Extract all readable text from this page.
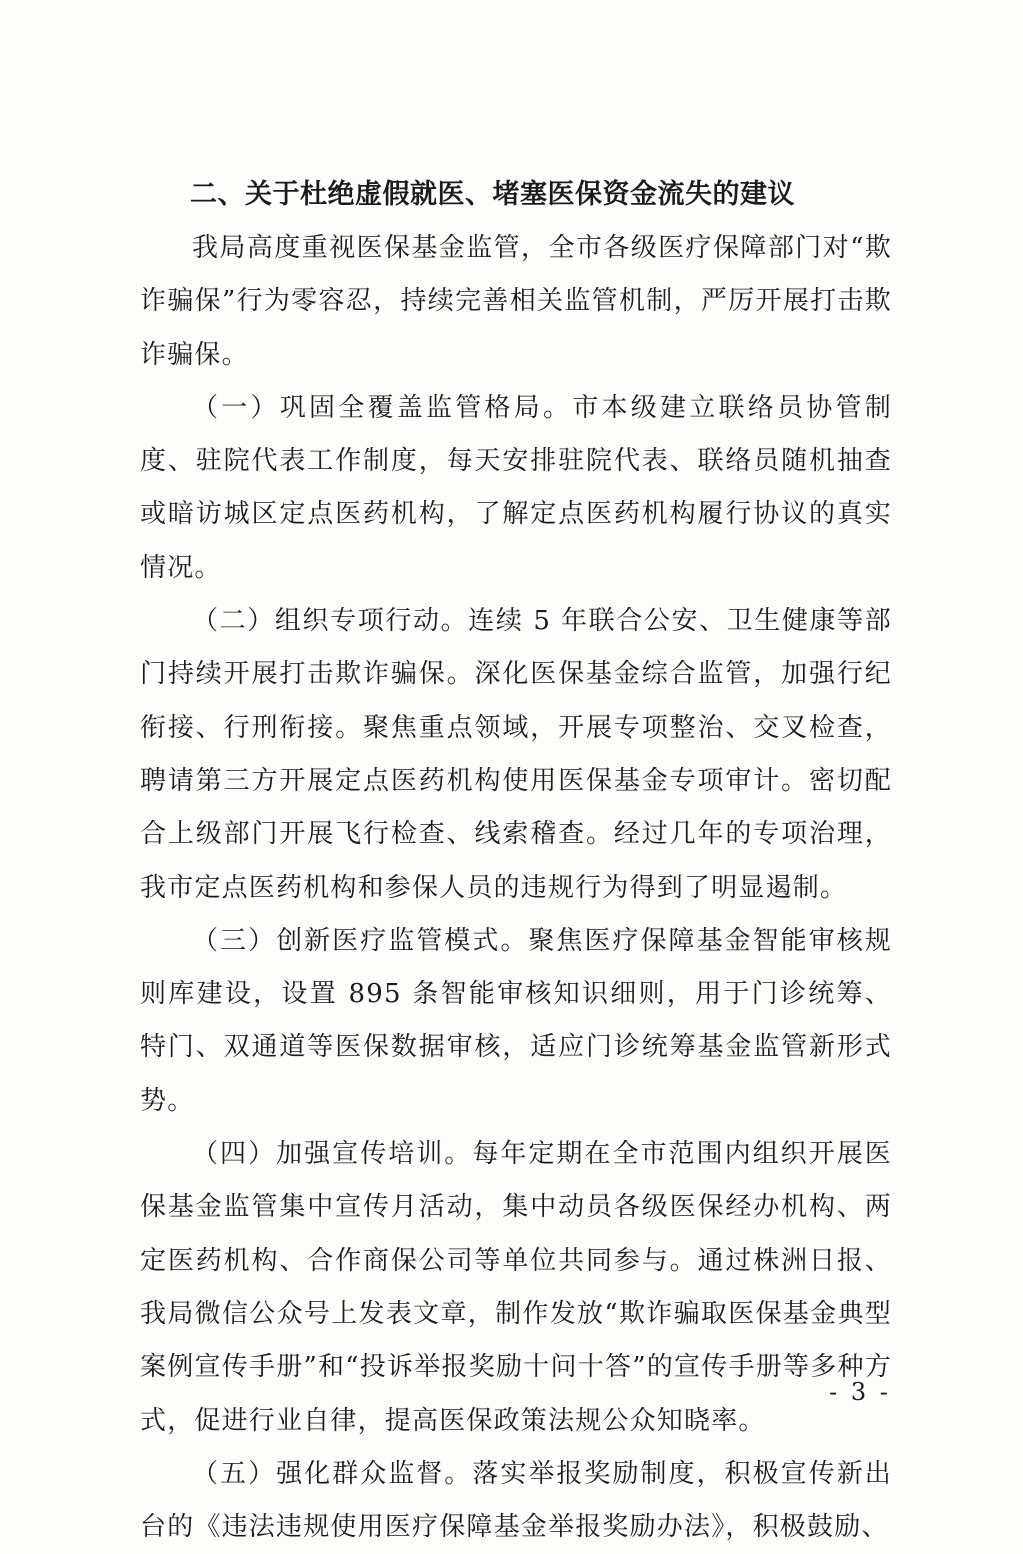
二、关于杜绝虚假就医、堵塞医保资金流失的建议

我局高度重视医保基金监管，全市各级医疗保障部门对“欺诈骗保”行为零容忍，持续完善相关监管机制，严厉开展打击欺诈骗保。

（一）巩固全覆盖监管格局。市本级建立联络员协管制度、驻院代表工作制度，每天安排驻院代表、联络员随机抽查或暗访城区定点医药机构，了解定点医药机构履行协议的真实情况。

（二）组织专项行动。连续 5 年联合公安、卫生健康等部门持续开展打击欺诈骗保。深化医保基金综合监管，加强行纪衔接、行刑衔接。聚焦重点领域，开展专项整治、交叉检查，聘请第三方开展定点医药机构使用医保基金专项审计。密切配合上级部门开展飞行检查、线索稽查。经过几年的专项治理，我市定点医药机构和参保人员的违规行为得到了明显遏制。

（三）创新医疗监管模式。聚焦医疗保障基金智能审核规则库建设，设置 895 条智能审核知识细则，用于门诊统筹、特门、双通道等医保数据审核，适应门诊统筹基金监管新形式势。

（四）加强宣传培训。每年定期在全市范围内组织开展医保基金监管集中宣传月活动，集中动员各级医保经办机构、两定医药机构、合作商保公司等单位共同参与。通过株洲日报、我局微信公众号上发表文章，制作发放“欺诈骗取医保基金典型案例宣传手册”和“投诉举报奖励十问十答”的宣传手册等多种方式，促进行业自律，提高医保政策法规公众知晓率。

（五）强化群众监督。落实举报奖励制度，积极宣传新出台的《违法违规使用医疗保障基金举报奖励办法》，积极鼓励、

- 3 -
